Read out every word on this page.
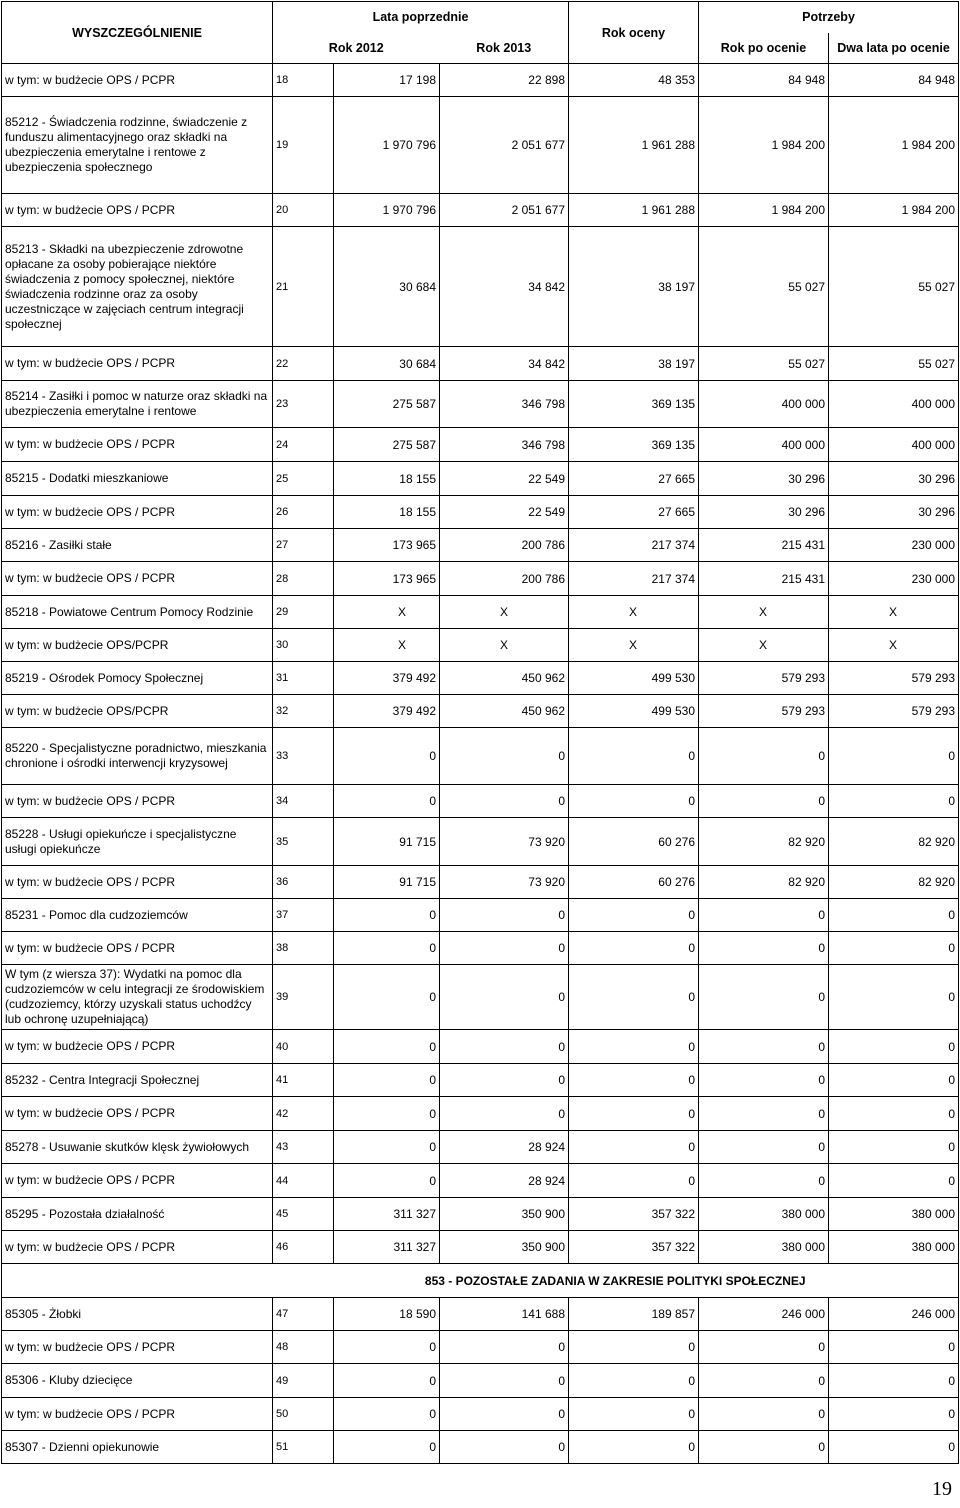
WYSZCZEGÓLNIENIE	Lata poprzednie			Rok oceny	Potrzeby	
	Rok 2012		Rok 2013		Rok po ocenie	Dwa lata po ocenie
w tym: w budżecie OPS / PCPR	18	17 198	22 898	48 353	84 948	84 948
85212 - Świadczenia rodzinne, świadczenie z funduszu alimentacyjnego oraz składki na ubezpieczenia emerytalne i rentowe z ubezpieczenia społecznego	19	1 970 796	2 051 677	1 961 288	1 984 200	1 984 200
w tym: w budżecie OPS / PCPR	20	1 970 796	2 051 677	1 961 288	1 984 200	1 984 200
85213 - Składki na ubezpieczenie zdrowotne opłacane za osoby pobierające niektóre świadczenia z pomocy społecznej, niektóre świadczenia rodzinne oraz za osoby uczestniczące w zajęciach centrum integracji społecznej	21	30 684	34 842	38 197	55 027	55 027
w tym: w budżecie OPS / PCPR	22	30 684	34 842	38 197	55 027	55 027
85214 - Zasiłki i pomoc w naturze oraz składki na ubezpieczenia emerytalne i rentowe	23	275 587	346 798	369 135	400 000	400 000
w tym: w budżecie OPS / PCPR	24	275 587	346 798	369 135	400 000	400 000
85215 - Dodatki mieszkaniowe	25	18 155	22 549	27 665	30 296	30 296
w tym: w budżecie OPS / PCPR	26	18 155	22 549	27 665	30 296	30 296
85216 - Zasiłki stałe	27	173 965	200 786	217 374	215 431	230 000
w tym: w budżecie OPS / PCPR	28	173 965	200 786	217 374	215 431	230 000
85218 - Powiatowe Centrum Pomocy Rodzinie	29	X	X	X	X	X
w tym: w budżecie OPS/PCPR	30	X	X	X	X	X
85219 - Ośrodek Pomocy Społecznej	31	379 492	450 962	499 530	579 293	579 293
w tym: w budżecie OPS/PCPR	32	379 492	450 962	499 530	579 293	579 293
85220 - Specjalistyczne poradnictwo, mieszkania chronione i ośrodki interwencji kryzysowej	33	0	0	0	0	0
w tym: w budżecie OPS / PCPR	34	0	0	0	0	0
85228 - Usługi opiekuńcze i specjalistyczne usługi opiekuńcze	35	91 715	73 920	60 276	82 920	82 920
w tym: w budżecie OPS / PCPR	36	91 715	73 920	60 276	82 920	82 920
85231 - Pomoc dla cudzoziemców	37	0	0	0	0	0
w tym: w budżecie OPS / PCPR	38	0	0	0	0	0
W tym (z wiersza 37): Wydatki na pomoc dla cudzoziemców w celu integracji ze środowiskiem (cudzoziemcy, którzy uzyskali status uchodźcy lub ochronę uzupełniającą)	39	0	0	0	0	0
w tym: w budżecie OPS / PCPR	40	0	0	0	0	0
85232 - Centra Integracji Społecznej	41	0	0	0	0	0
w tym: w budżecie OPS / PCPR	42	0	0	0	0	0
85278 - Usuwanie skutków klęsk żywiołowych	43	0	28 924	0	0	0
w tym: w budżecie OPS / PCPR	44	0	28 924	0	0	0
85295 - Pozostała działalność	45	311 327	350 900	357 322	380 000	380 000
w tym: w budżecie OPS / PCPR	46	311 327	350 900	357 322	380 000	380 000
	853 - POZOSTAŁE ZADANIA W ZAKRESIE POLITYKI SPOŁECZNEJ					
85305 - Żłobki	47	18 590	141 688	189 857	246 000	246 000
w tym: w budżecie OPS / PCPR	48	0	0	0	0	0
85306 - Kluby dziecięce	49	0	0	0	0	0
w tym: w budżecie OPS / PCPR	50	0	0	0	0	0
85307 - Dzienni opiekunowie	51	0	0	0	0	0
19
